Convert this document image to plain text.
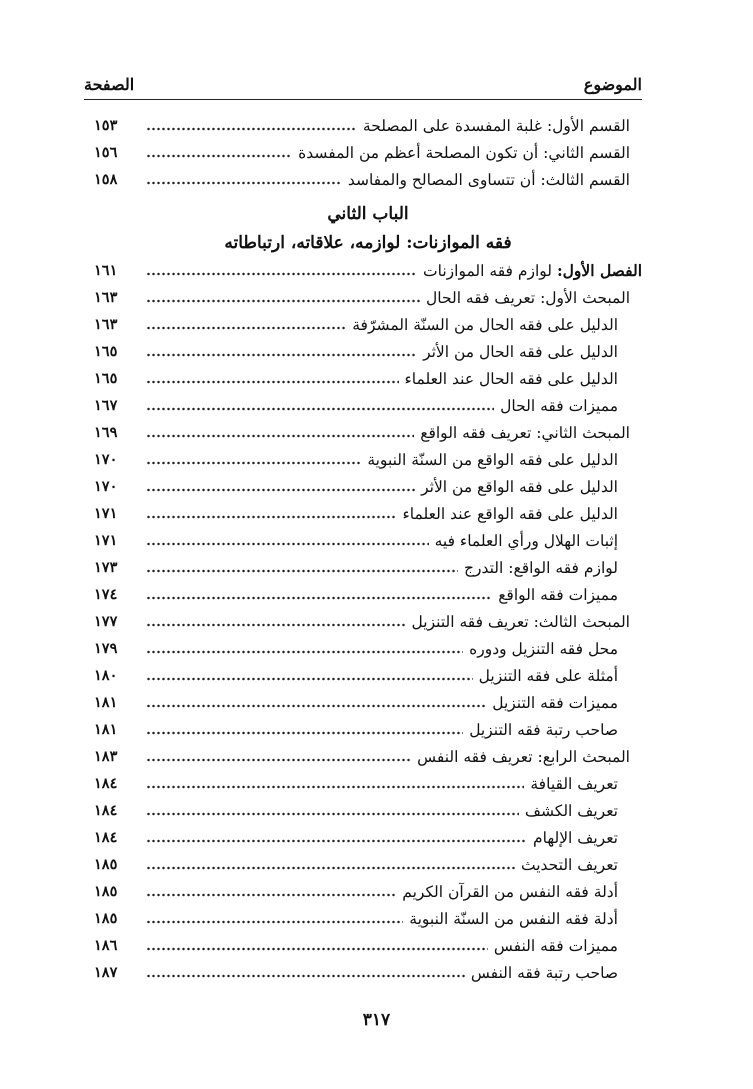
الموضوع
الصفحة
القسم الأول: غلبة المفسدة على المصلحة
١٥٣
القسم الثاني: أن تكون المصلحة أعظم من المفسدة
١٥٦
القسم الثالث: أن تتساوى المصالح والمفاسد
١٥٨
الباب الثاني
فقه الموازنات: لوازمه، علاقاته، ارتباطاته
الفصل الأول: لوازم فقه الموازنات
١٦١
المبحث الأول: تعريف فقه الحال
١٦٣
الدليل على فقه الحال من السنّة المشرّفة
١٦٣
الدليل على فقه الحال من الأثر
١٦٥
الدليل على فقه الحال عند العلماء
١٦٥
مميزات فقه الحال
١٦٧
المبحث الثاني: تعريف فقه الواقع
١٦٩
الدليل على فقه الواقع من السنّة النبوية
١٧٠
الدليل على فقه الواقع من الأثر
١٧٠
الدليل على فقه الواقع عند العلماء
١٧١
إثبات الهلال ورأي العلماء فيه
١٧١
لوازم فقه الواقع: التدرج
١٧٣
مميزات فقه الواقع
١٧٤
المبحث الثالث: تعريف فقه التنزيل
١٧٧
محل فقه التنزيل ودوره
١٧٩
أمثلة على فقه التنزيل
١٨٠
مميزات فقه التنزيل
١٨١
صاحب رتبة فقه التنزيل
١٨١
المبحث الرابع: تعريف فقه النفس
١٨٣
تعريف القيافة
١٨٤
تعريف الكشف
١٨٤
تعريف الإلهام
١٨٤
تعريف التحديث
١٨٥
أدلة فقه النفس من القرآن الكريم
١٨٥
أدلة فقه النفس من السنّة النبوية
١٨٥
مميزات فقه النفس
١٨٦
صاحب رتبة فقه النفس
١٨٧
٣١٧
